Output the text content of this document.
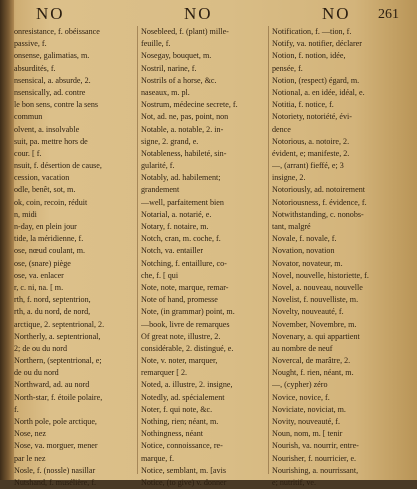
NO	NO	NO 261
onresistance, f. obéissance
passive, f.
onsense, galimatias, m.
absurdités, f.
nsensical, a. absurde, 2.
nsensically, ad. contre
le bon sens, contre la sens
commun
olvent, a. insolvable
suit, pa. mettre hors de
cour. [ f.
nsuit, f. désertion de cause,
cession, vacation
odle, benêt, sot, m.
ok, coin, recoin, réduit
n, midi
n-day, en plein jour
tide, la méridienne, f.
ose, nœud coulant, m.
ose, (snare) piège
ose, va. enlacer
r, c. ni, na. [ m.
rth, f. nord, septentrion,
rth, a. du nord, de nord,
arctique, 2. septentrional, 2.
Northerly, a. septentrional,
2; de ou du nord
Northern, (septentrional, e;
de ou du nord
Northward, ad. au nord
North-star, f. étoile polaire,
f.
North pole, pole arctique,
Nose, nez
Nose, va. morguer, mener
par le nez
Nosle, f. (nossle) nasillar
Nutshand, f. musélière, f.
Nosebleed, f. (plant) mille-
feuille, f.
Nosegay, bouquet, m.
Nostril, narine, f.
Nostrils of a horse, &c.
naseaux, m. pl.
Nostrum, médecine secrete, f.
Not, ad. ne, pas, point, non
Notable, a. notable, 2. in-
signe, 2. grand, e.
Notableness, habileté, sin-
gularité, f.
Notably, ad. habilement;
grandement
—well, parfaitement bien
Notarial, a. notarié, e.
Notary, f. notaire, m.
Notch, cran, m. coche, f.
Notch, va. entailler
Notching, f. entaillure, co-
che, f. [ qui
Note, note, marque, remar-
Note of hand, promesse
Note, (in grammar) point, m.
—book, livre de remarques
Of great note, illustre, 2.
considérable, 2. distingué, e.
Note, v. noter, marquer,
remarquer [ 2.
Noted, a. illustre, 2. insigne,
Notedly, ad. spécialement
Noter, f. qui note, &c.
Nothing, rien; néant, m.
Nothingness, néant
Notice, connoissance, re-
marque, f.
Notice, semblant, m. [avis
Notice, (to give) v. donner
Notification, f. —tion, f.
Notify, va. notifier, déclarer
Notion, f. notion, idée,
pensée, f.
Notion, (respect) égard, m.
Notional, a. en idée, idéal, e.
Notitia, f. notice, f.
Notoriety, notoriété, évi-
dence
Notorious, a. notoire, 2.
évident, e; manifeste, 2.
—, (arrant) fieffé, e; 3
insigne, 2.
Notoriously, ad. notoirement
Notoriousness, f. évidence, f.
Notwithstanding, c. nonobs-
tant, malgré
Novale, f. novale, f.
Novation, novation
Novator, novateur, m.
Novel, nouvelle, historiette, f.
Novel, a. nouveau, nouvelle
Novelist, f. nouvelliste, m.
Novelty, nouveauté, f.
November, Novembre, m.
Novenary, a. qui appartient
au nombre de neuf
Novercal, de marâtre, 2.
Nought, f. rien, néant, m.
—, (cypher) zéro
Novice, novice, f.
Noviciate, noviciat, m.
Novity, nouveauté, f.
Noun, nom, m. [ tenir
Nourish, va. nourrir, entre-
Nourisher, f. nourricier, e.
Nourishing, a. nourrissant,
e; nutritif, ve.
